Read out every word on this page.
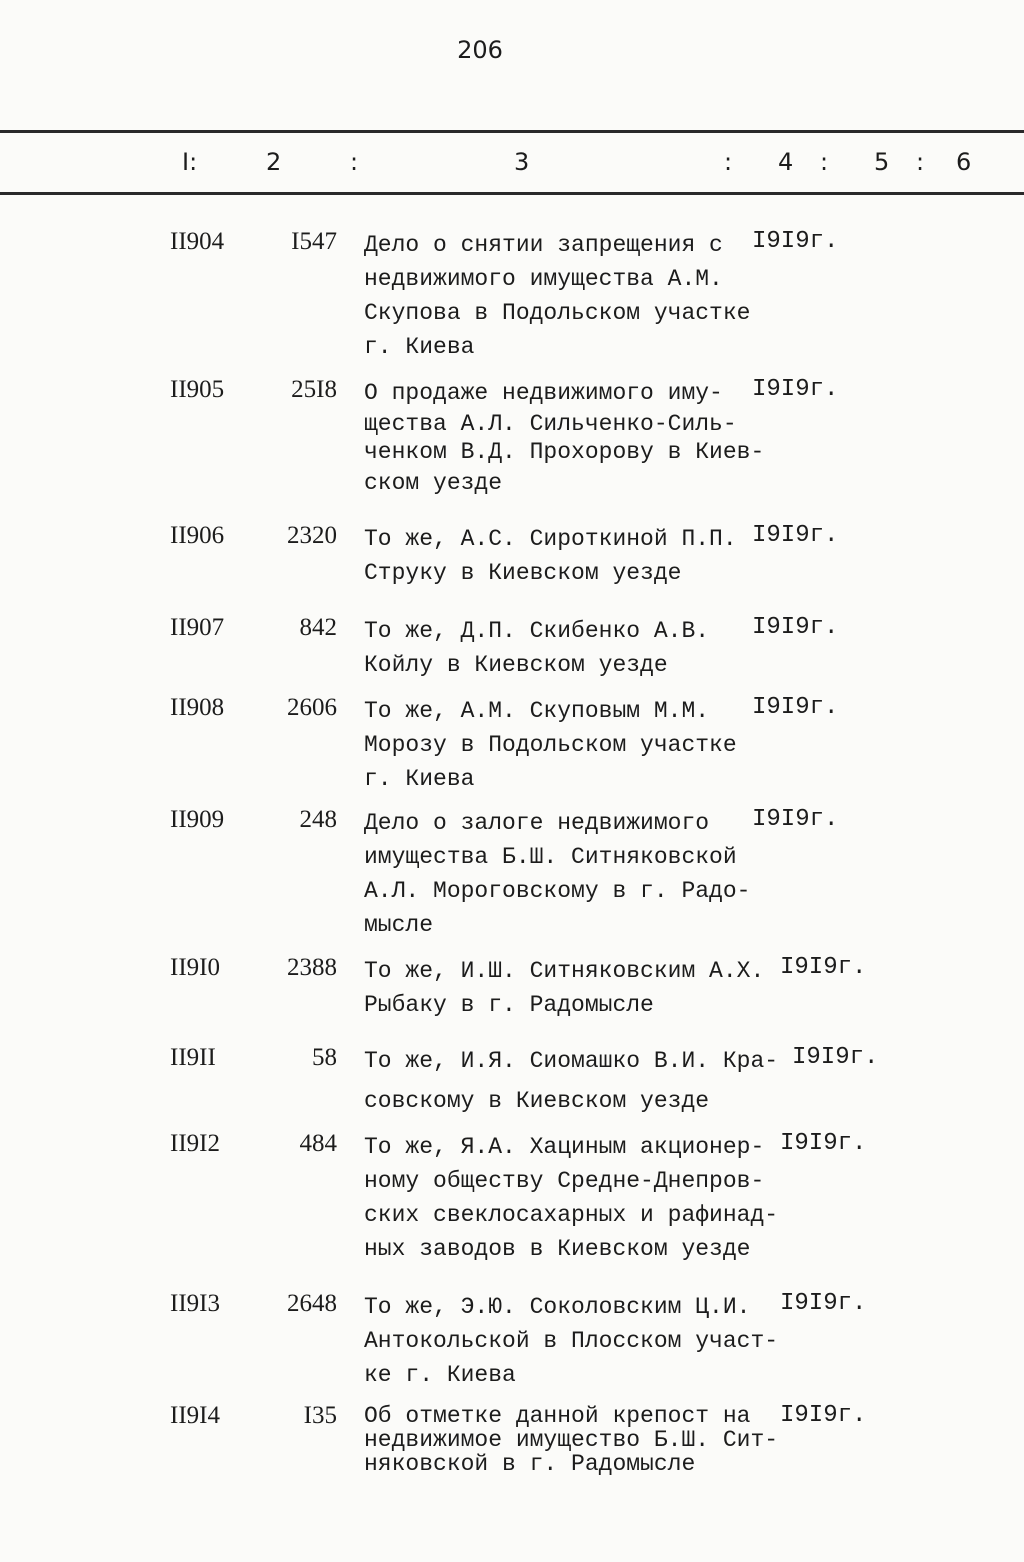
206
I:	2	:	3	: 4 : 5 : 6
II904	I547 Дело о снятии запрещения с
недвижимого имущества А.М.
Скупова в Подольском участке
г. Киева
I9I9г.
II905	25I8 О продаже недвижимого иму-
щества А.Л. Сильченко-Силь-
ченком В.Д. Прохорову в Киев-
ском уезде
I9I9г.
II906	2320 То же, А.С. Сироткиной П.П.
Струку в Киевском уезде
I9I9г.
II907	842 То же, Д.П. Скибенко А.В.
Койлу в Киевском уезде
I9I9г.
II908	2606 То же, А.М. Скуповым М.М.
Морозу в Подольском участке
г. Киева
I9I9г.
II909	248 Дело о залоге недвижимого
имущества Б.Ш. Ситняковской
А.Л. Мороговскому в г. Радо-
мысле
I9I9г.
II9I0	2388 То же, И.Ш. Ситняковским А.Х.
Рыбаку в г. Радомысле
I9I9г.
II9II	58 То же, И.Я. Сиомашко В.И. Кра-
совскому в Киевском уезде
I9I9г.
II9I2	484 То же, Я.А. Хациным акционер-
ному обществу Средне-Днепров-
ских свеклосахарных и рафинад-
ных заводов в Киевском уезде
I9I9г.
II9I3	2648 То же, Э.Ю. Соколовским Ц.И.
Антокольской в Плосском участ-
ке г. Киева
I9I9г.
II9I4	I35 Об отметке данной крепост на
недвижимое имущество Б.Ш. Сит-
няковской в г. Радомысле
I9I9г.
